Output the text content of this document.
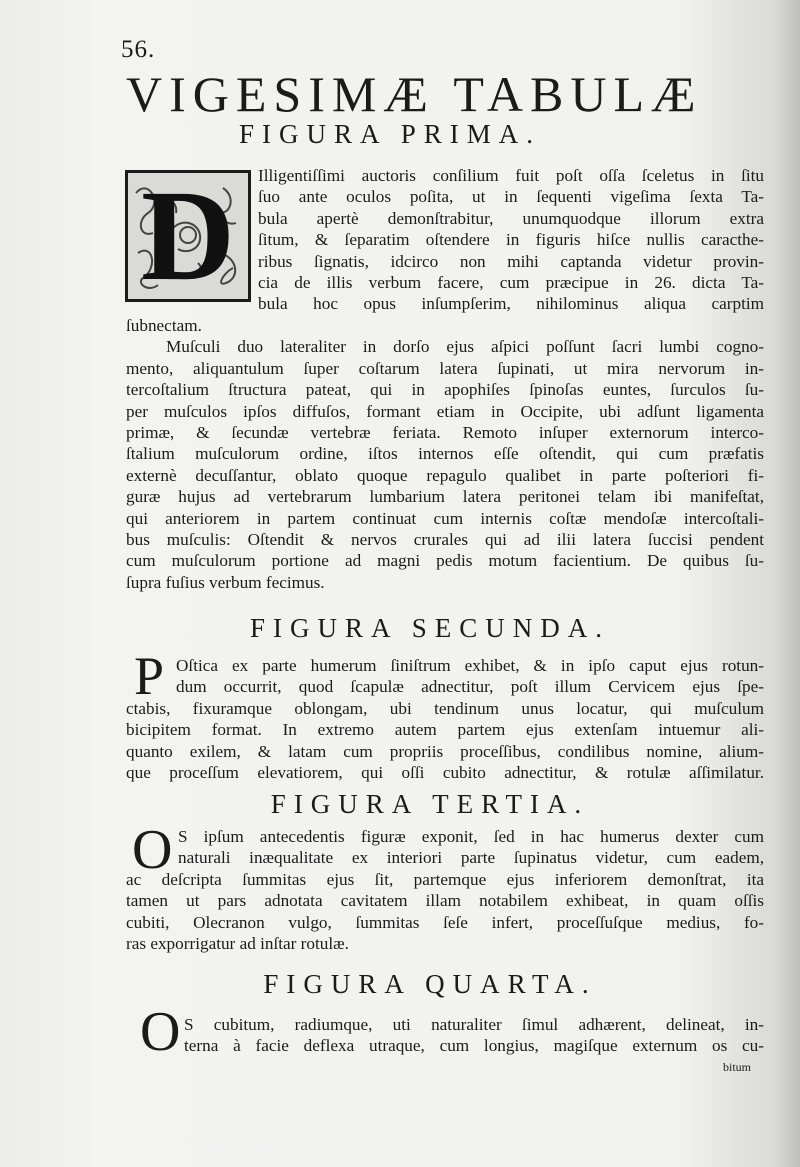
56.
VIGESIMÆ TABULÆ
FIGURA PRIMA.
D	Illigentiſſimi auctoris conſilium fuit poſt oſſa ſceletus in ſitu
ſuo ante oculos poſita, ut in ſequenti vigeſima ſexta Ta-
bula apertè demonſtrabitur, unumquodque illorum extra
ſitum, & ſeparatim oſtendere in figuris hiſce nullis caracthe-
ribus ſignatis, idcirco non mihi captanda videtur provin-
cia de illis verbum facere, cum præcipue in 26. dicta Ta-
bula hoc opus inſumpſerim, nihilominus aliqua carptim
ſubnectam.
Muſculi duo lateraliter in dorſo ejus aſpici poſſunt ſacri lumbi cogno-
mento, aliquantulum ſuper coſtarum latera ſupinati, ut mira nervorum in-
tercoſtalium ſtructura pateat, qui in apophiſes ſpinoſas euntes, ſurculos ſu-
per muſculos ipſos diffuſos, formant etiam in Occipite, ubi adſunt ligamenta
primæ, & ſecundæ vertebræ feriata. Remoto inſuper externorum interco-
ſtalium muſculorum ordine, iſtos internos eſſe oſtendit, qui cum præfatis
externè decuſſantur, oblato quoque repagulo qualibet in parte poſteriori fi-
guræ hujus ad vertebrarum lumbarium latera peritonei telam ibi manifeſtat,
qui anteriorem in partem continuat cum internis coſtæ mendoſæ intercoſtali-
bus muſculis: Oſtendit & nervos crurales qui ad ilii latera ſuccisi pendent
cum muſculorum portione ad magni pedis motum facientium. De quibus ſu-
ſupra fuſius verbum fecimus.
FIGURA SECUNDA.
P Oſtica ex parte humerum ſiniſtrum exhibet, & in ipſo caput ejus rotun-
dum occurrit, quod ſcapulæ adnectitur, poſt illum Cervicem ejus ſpe-
ctabis, fixuramque oblongam, ubi tendinum unus locatur, qui muſculum
bicipitem format. In extremo autem partem ejus extenſam intuemur ali-
quanto exilem, & latam cum propriis proceſſibus, condilibus nomine, alium-
que proceſſum elevatiorem, qui oſſi cubito adnectitur, & rotulæ aſſimilatur.
FIGURA TERTIA.
O S ipſum antecedentis figuræ exponit, ſed in hac humerus dexter cum
naturali inæqualitate ex interiori parte ſupinatus videtur, cum eadem,
ac deſcripta ſummitas ejus ſit, partemque ejus inferiorem demonſtrat, ita
tamen ut pars adnotata cavitatem illam notabilem exhibeat, in quam oſſis
cubiti, Olecranon vulgo, ſummitas ſeſe infert, proceſſuſque medius, fo-
ras exporrigatur ad inſtar rotulæ.
FIGURA QUARTA.
O S cubitum, radiumque, uti naturaliter ſimul adhærent, delineat, in-
terna à facie deflexa utraque, cum longius, magiſque externum os cu-
bitum
